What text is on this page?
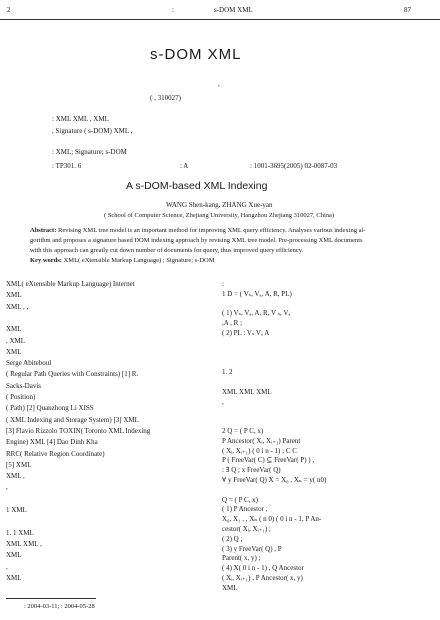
2	:	s-DOM XML	87
s-DOM XML
,
( , 310027)
: XML XML , XML
, Signature ( s-DOM) XML ,
: XML; Signature; s-DOM
: TP301. 6	: A	: 1001-3695(2005) 02-0087-03
A s-DOM-based XML Indexing
WANG Shen-kang, ZHANG Xue-yan
( School of Computer Science, Zhejiang University, Hangzhou Zhejiang 310027, China)
Abstract: Revising XML tree model is an important method for improving XML query efficiency. Analyses various indexing al-
gorithm and proposes a signature based DOM indexing approach by revising XML tree model. Pre-processing XML documents
with this approach can greatly cut down number of documents for query, thus improved query efficiency.
Key words: XML( eXtensible Markup Language) ; Signature; s-DOM
XML( eXtensible Markup Language) Internet
XML
XML , ,
XML
, XML
XML
Serge Abiteboul
( Regular Path Queries with Constraints) [1] R.
Sacks-Davis
( Position)
( Path) [2] Quanzhong Li XISS
( XML Indexing and Storage System) [3] XML
[3] Flavio Rizzolo TOXIN( Toronto XML Indexing
Engine) XML [4] Dao Dinh Kha
RRC( Relative Region Coordinate)
[5] XML
XML ,
,
1 XML
1. 1 XML
XML XML ,
XML
,
XML
:
1 D = ( Vₛ, Vₐ, A, R, PL)
( 1) Vₛ, Vₐ, A, R, V ₛ, Vₐ
,A , R ;
( 2) PL : Vₛ Vₐ A
1. 2
XML XML XML
,
2 Q = ( P C, x)
P Ancestor( Xᵢ, Xᵢ₊₁) Parent
( Xᵢ, Xᵢ₊₁) ( 0 i n - 1) ; C C
P ( FreeVar( C) ⊆ FreeVar( P) ) ,
: ∃ Q ; x FreeVar( Q)
∀ y FreeVar( Q) X = X₀ , Xₙ = y( n0)
Q = ( P C, x)
( 1) P Ancestor ,
X₀, X₁ , , Xₙ ( n 0) ( 0 i n - 1, P An-
cestor( Xᵢ, Xᵢ₊₁) ;
( 2) Q ;
( 3) y FreeVar( Q) , P
Parent( x, y) ;
( 4) X( 0 i n - 1) , Q Ancestor
( Xᵢ, Xᵢ₊₁) , P Ancestor( x, y)
XML
: 2004-03-11; : 2004-05-28
